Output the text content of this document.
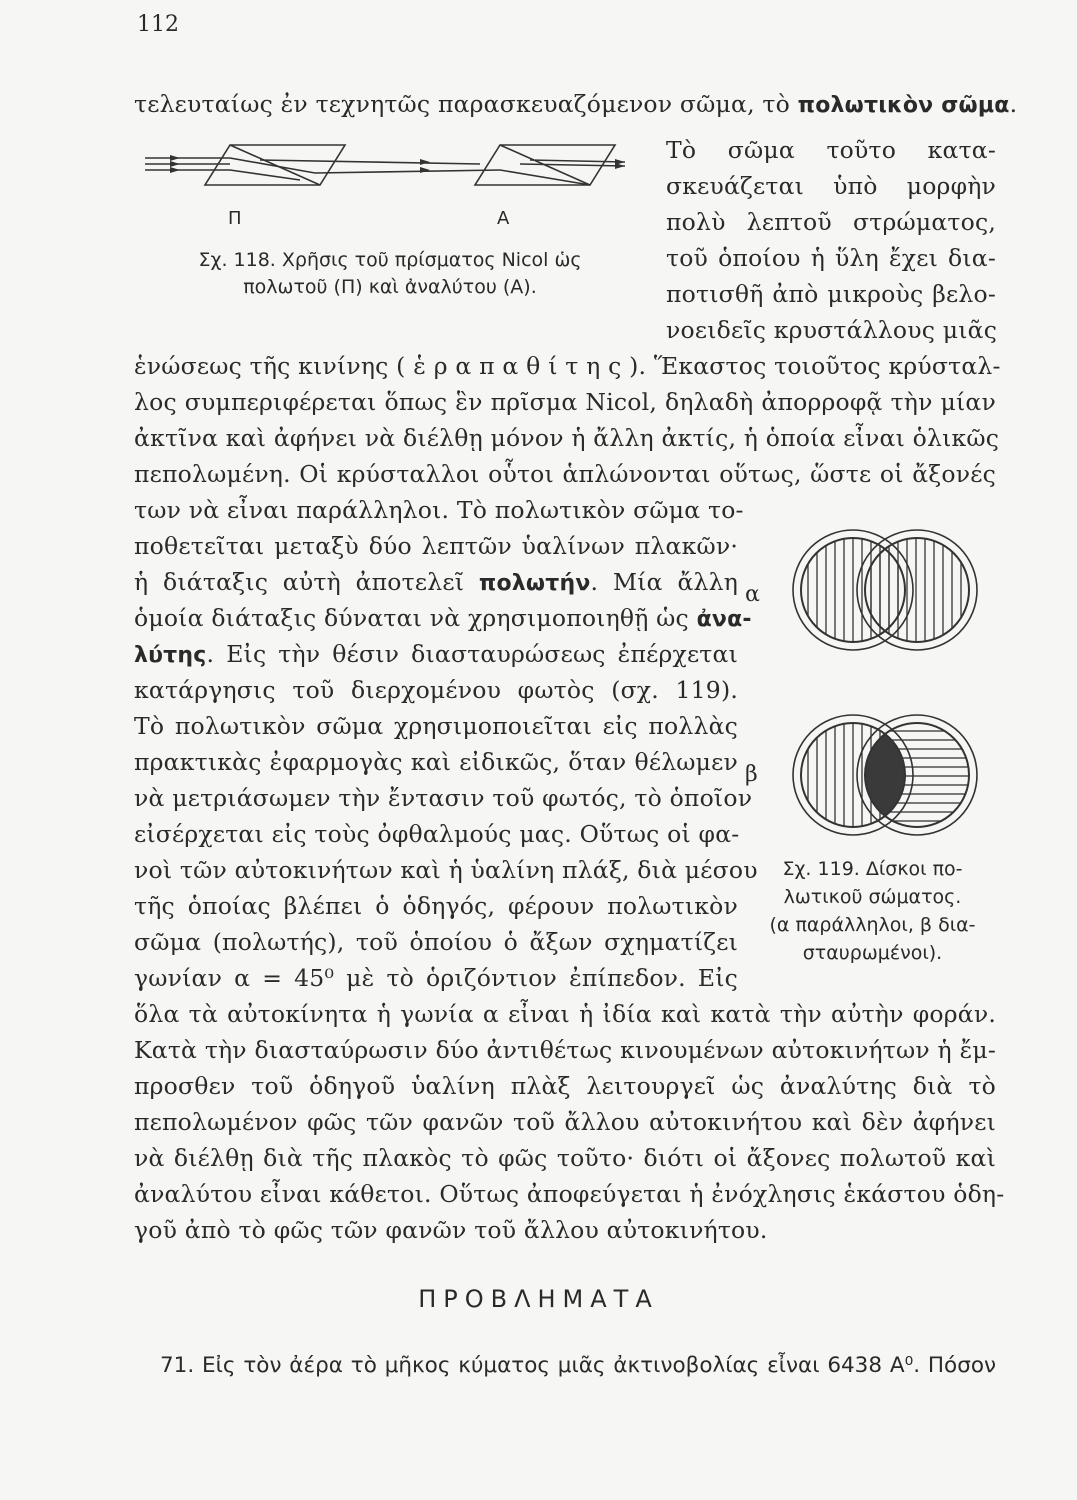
112
τελευταίως ἐν τεχνητῶς παρασκευαζόμενον σῶμα, τὸ πολωτικὸν σῶμα.
Τὸ σῶμα τοῦτο κατα-
σκευάζεται ὑπὸ μορφὴν
πολὺ λεπτοῦ στρώματος,
τοῦ ὁποίου ἡ ὕλη ἔχει δια-
ποτισθῆ ἀπὸ μικροὺς βελο-
νοειδεῖς κρυστάλλους μιᾶς
Π	Α
Σχ. 118. Χρῆσις τοῦ πρίσματος Nicol ὡς
πολωτοῦ (Π) καὶ ἀναλύτου (Α).
ἑνώσεως τῆς κινίνης ( ἑ ρ α π α θ ί τ η ς ). Ἕκαστος τοιοῦτος κρύσταλ-
λος συμπεριφέρεται ὅπως ἓν πρῖσμα Nicol, δηλαδὴ ἀπορροφᾷ τὴν μίαν
ἀκτῖνα καὶ ἀφήνει νὰ διέλθῃ μόνον ἡ ἄλλη ἀκτίς, ἡ ὁποία εἶναι ὁλικῶς
πεπολωμένη. Οἱ κρύσταλλοι οὗτοι ἁπλώνονται οὕτως, ὥστε οἱ ἄξονές
των νὰ εἶναι παράλληλοι. Τὸ πολωτικὸν σῶμα το-
ποθετεῖται μεταξὺ δύο λεπτῶν ὑαλίνων πλακῶν·
ἡ διάταξις αὐτὴ ἀποτελεῖ πολωτήν. Μία ἄλλη
ὁμοία διάταξις δύναται νὰ χρησιμοποιηθῇ ὡς ἀνα-
λύτης. Εἰς τὴν θέσιν διασταυρώσεως ἐπέρχεται
κατάργησις τοῦ διερχομένου φωτὸς (σχ. 119).
Τὸ πολωτικὸν σῶμα χρησιμοποιεῖται εἰς πολλὰς
πρακτικὰς ἐφαρμογὰς καὶ εἰδικῶς, ὅταν θέλωμεν
νὰ μετριάσωμεν τὴν ἔντασιν τοῦ φωτός, τὸ ὁποῖον
εἰσέρχεται εἰς τοὺς ὀφθαλμούς μας. Οὕτως οἱ φα-
νοὶ τῶν αὐτοκινήτων καὶ ἡ ὑαλίνη πλάξ, διὰ μέσου
τῆς ὁποίας βλέπει ὁ ὁδηγός, φέρουν πολωτικὸν
σῶμα (πολωτής), τοῦ ὁποίου ὁ ἄξων σχηματίζει
γωνίαν α = 45⁰ μὲ τὸ ὁριζόντιον ἐπίπεδον. Εἰς
α
β
Σχ. 119. Δίσκοι πο-
λωτικοῦ σώματος.
(α παράλληλοι, β δια-
σταυρωμένοι).
ὅλα τὰ αὐτοκίνητα ἡ γωνία α εἶναι ἡ ἰδία καὶ κατὰ τὴν αὐτὴν φοράν.
Κατὰ τὴν διασταύρωσιν δύο ἀντιθέτως κινουμένων αὐτοκινήτων ἡ ἔμ-
προσθεν τοῦ ὁδηγοῦ ὑαλίνη πλὰξ λειτουργεῖ ὡς ἀναλύτης διὰ τὸ
πεπολωμένον φῶς τῶν φανῶν τοῦ ἄλλου αὐτοκινήτου καὶ δὲν ἀφήνει
νὰ διέλθῃ διὰ τῆς πλακὸς τὸ φῶς τοῦτο· διότι οἱ ἄξονες πολωτοῦ καὶ
ἀναλύτου εἶναι κάθετοι. Οὕτως ἀποφεύγεται ἡ ἐνόχλησις ἑκάστου ὁδη-
γοῦ ἀπὸ τὸ φῶς τῶν φανῶν τοῦ ἄλλου αὐτοκινήτου.
ΠΡΟΒΛΗΜΑΤΑ
71. Εἰς τὸν ἀέρα τὸ μῆκος κύματος μιᾶς ἀκτινοβολίας εἶναι 6438 Α⁰. Πόσον
